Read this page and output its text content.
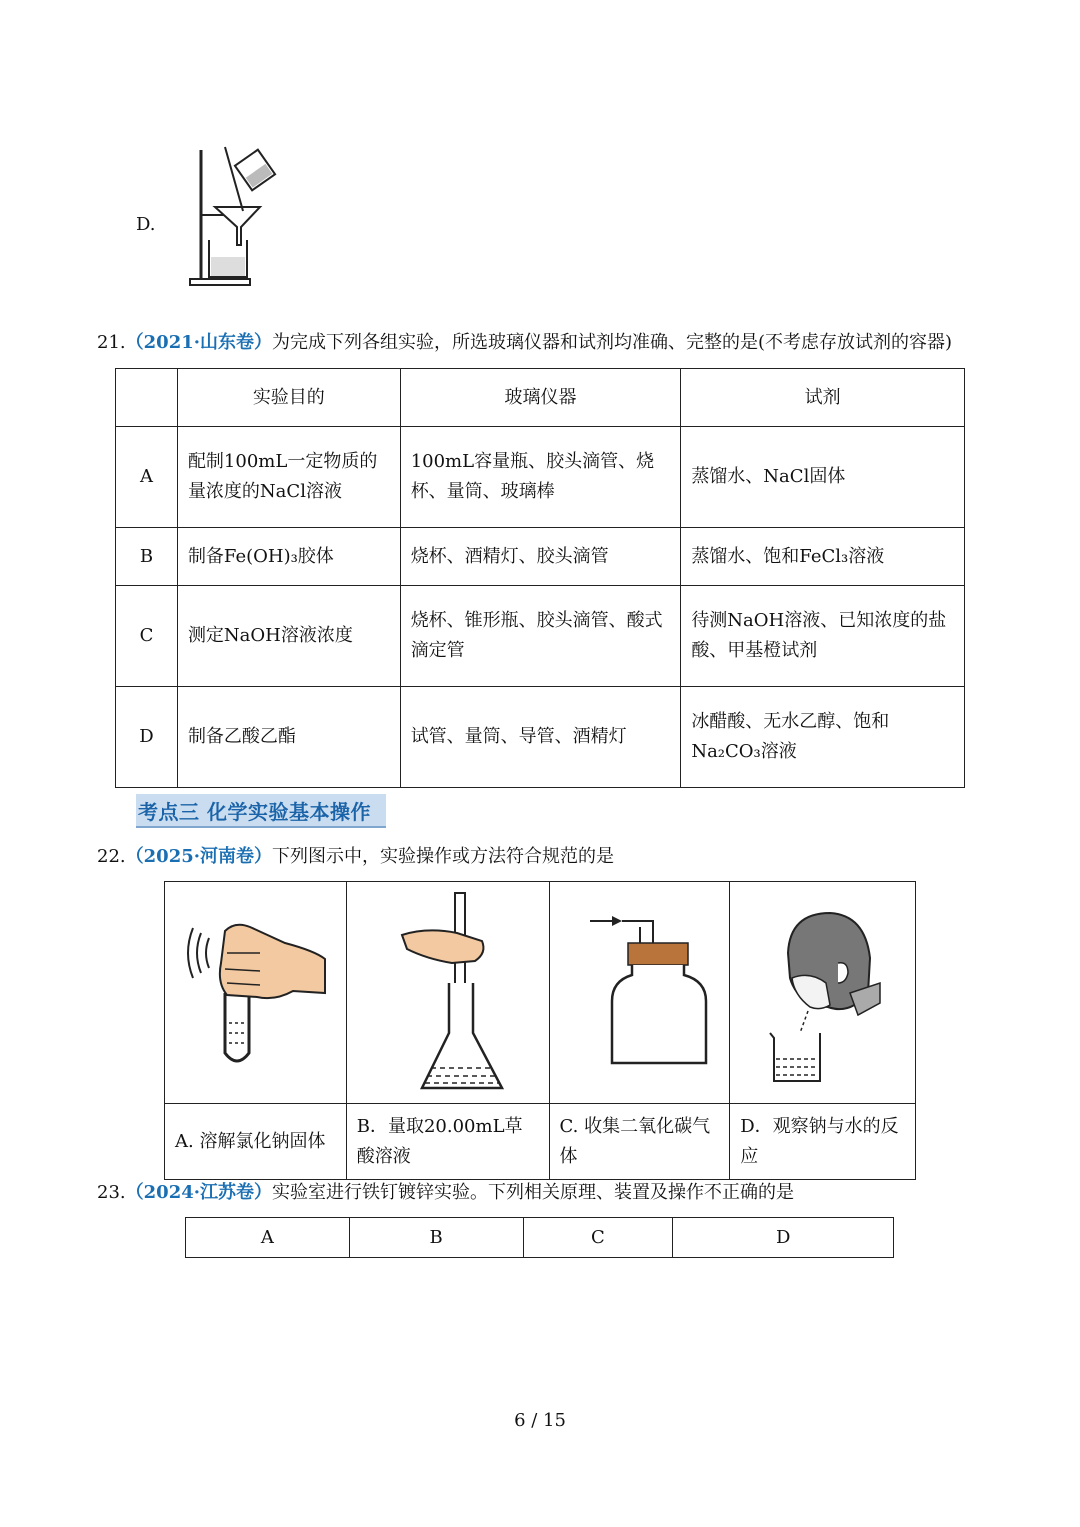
D.
21.（2021·山东卷）为完成下列各组实验，所选玻璃仪器和试剂均准确、完整的是(不考虑存放试剂的容器)
	实验目的	玻璃仪器	试剂
A	配制100mL一定物质的量浓度的NaCl溶液	100mL容量瓶、胶头滴管、烧杯、量筒、玻璃棒	蒸馏水、NaCl固体
B	制备Fe(OH)₃胶体	烧杯、酒精灯、胶头滴管	蒸馏水、饱和FeCl₃溶液
C	测定NaOH溶液浓度	烧杯、锥形瓶、胶头滴管、酸式滴定管	待测NaOH溶液、已知浓度的盐酸、甲基橙试剂
D	制备乙酸乙酯	试管、量筒、导管、酒精灯	冰醋酸、无水乙醇、饱和Na₂CO₃溶液
考点三 化学实验基本操作
22.（2025·河南卷）下列图示中，实验操作或方法符合规范的是

A. 溶解氯化钠固体	B．量取20.00mL草酸溶液	C. 收集二氧化碳气体	D．观察钠与水的反应
23.（2024·江苏卷）实验室进行铁钉镀锌实验。下列相关原理、装置及操作不正确的是
A	B	C	D
6 / 15
